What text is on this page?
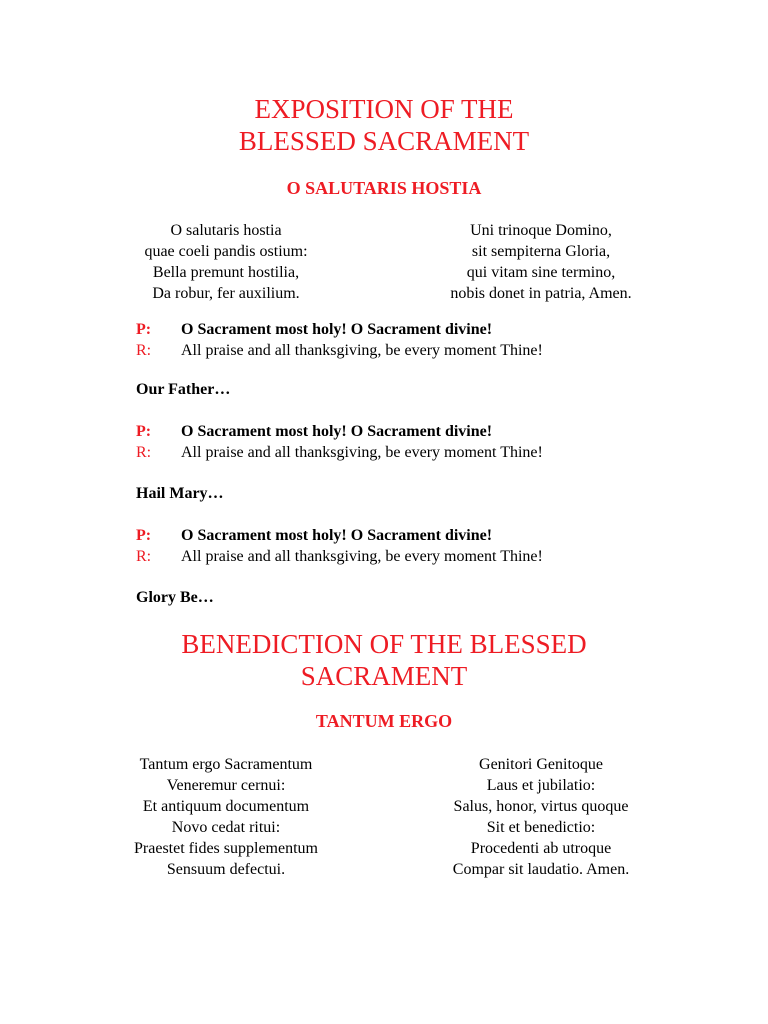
EXPOSITION OF THE
BLESSED SACRAMENT
O SALUTARIS HOSTIA
O salutaris hostia
quae coeli pandis ostium:
Bella premunt hostilia,
Da robur, fer auxilium.
Uni trinoque Domino,
sit sempiterna Gloria,
qui vitam sine termino,
nobis donet in patria, Amen.
P: O Sacrament most holy! O Sacrament divine!
R: All praise and all thanksgiving, be every moment Thine!
Our Father…
P: O Sacrament most holy! O Sacrament divine!
R: All praise and all thanksgiving, be every moment Thine!
Hail Mary…
P: O Sacrament most holy! O Sacrament divine!
R: All praise and all thanksgiving, be every moment Thine!
Glory Be…
BENEDICTION OF THE BLESSED
SACRAMENT
TANTUM ERGO
Tantum ergo Sacramentum
Veneremur cernui:
Et antiquum documentum
Novo cedat ritui:
Praestet fides supplementum
Sensuum defectui.
Genitori Genitoque
Laus et jubilatio:
Salus, honor, virtus quoque
Sit et benedictio:
Procedenti ab utroque
Compar sit laudatio. Amen.
